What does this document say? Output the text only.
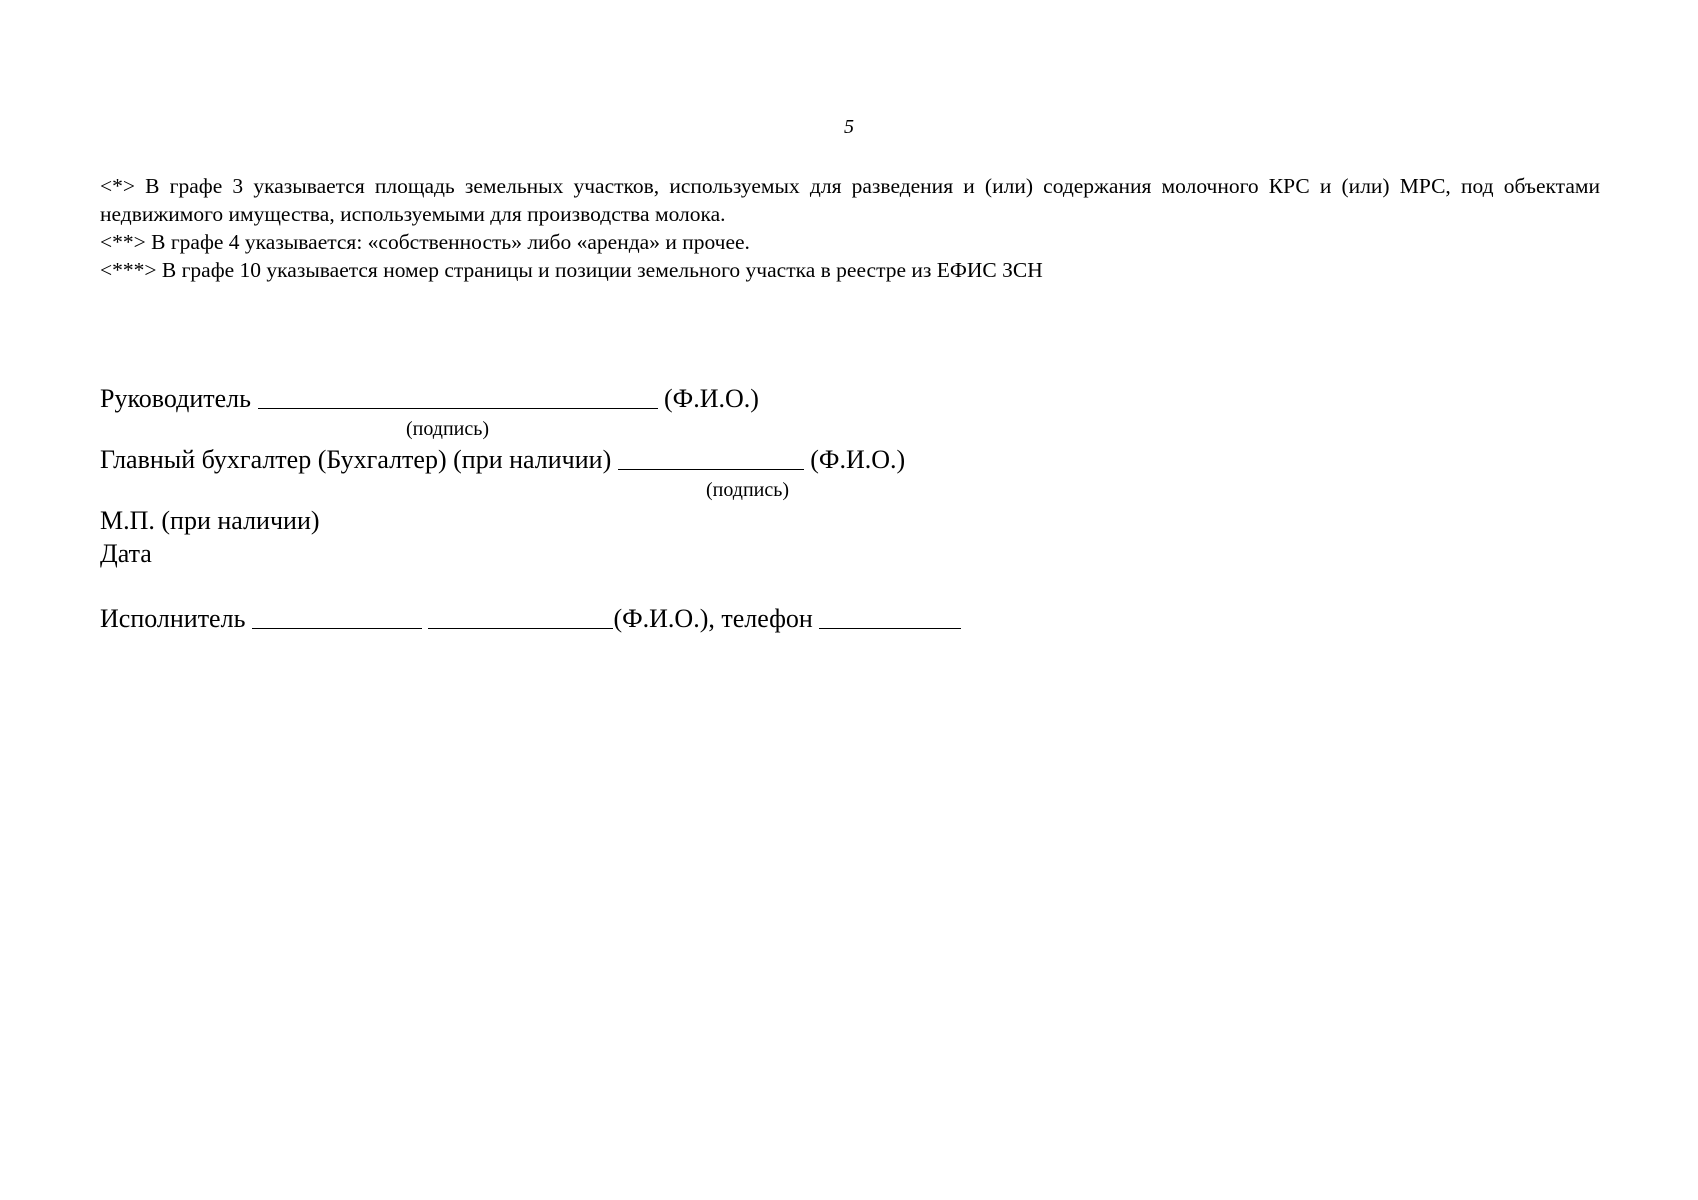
5

<*> В графе 3 указывается площадь земельных участков, используемых для разведения и (или) содержания молочного КРС и (или) МРС, под объектами недвижимого имущества, используемыми для производства молока.

<**> В графе 4 указывается: «собственность» либо «аренда» и прочее.

<***> В графе 10 указывается номер страницы и позиции земельного участка в реестре из ЕФИС ЗСН

Руководитель	(Ф.И.О.)
(подпись)
Главный бухгалтер (Бухгалтер) (при наличии)	(Ф.И.О.)
(подпись)
М.П. (при наличии)
Дата
Исполнитель	(Ф.И.О.), телефон
